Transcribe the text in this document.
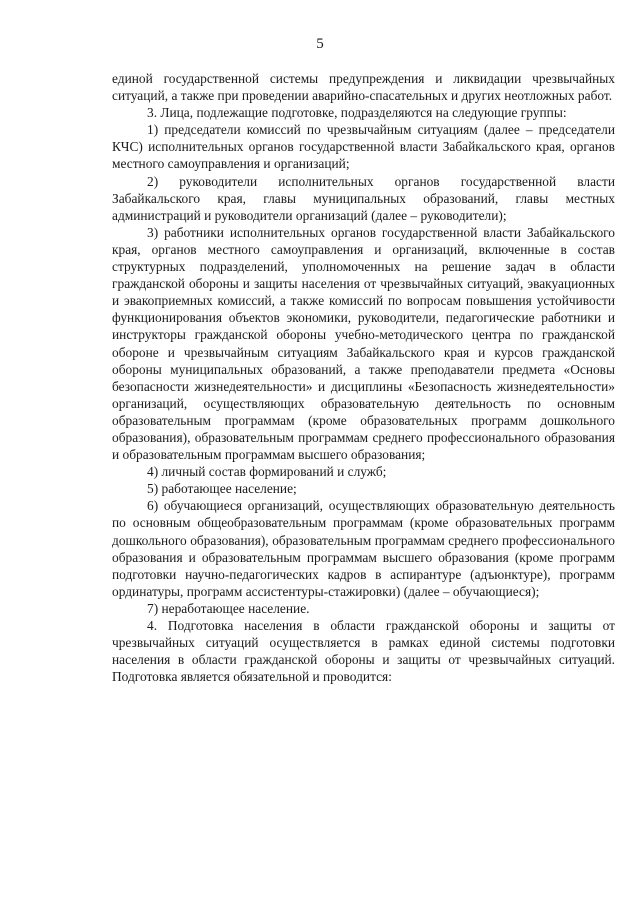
5

единой государственной системы предупреждения и ликвидации чрезвычайных ситуаций, а также при проведении аварийно-спасательных и других неотложных работ.

3. Лица, подлежащие подготовке, подразделяются на следующие группы:

1) председатели комиссий по чрезвычайным ситуациям (далее – председатели КЧС) исполнительных органов государственной власти Забайкальского края, органов местного самоуправления и организаций;

2) руководители исполнительных органов государственной власти Забайкальского края, главы муниципальных образований, главы местных администраций и руководители организаций (далее – руководители);

3) работники исполнительных органов государственной власти Забайкальского края, органов местного самоуправления и организаций, включенные в состав структурных подразделений, уполномоченных на решение задач в области гражданской обороны и защиты населения от чрезвычайных ситуаций, эвакуационных и эвакоприемных комиссий, а также комиссий по вопросам повышения устойчивости функционирования объектов экономики, руководители, педагогические работники и инструкторы гражданской обороны учебно-методического центра по гражданской обороне и чрезвычайным ситуациям Забайкальского края и курсов гражданской обороны муниципальных образований, а также преподаватели предмета «Основы безопасности жизнедеятельности» и дисциплины «Безопасность жизнедеятельности» организаций, осуществляющих образовательную деятельность по основным образовательным программам (кроме образовательных программ дошкольного образования), образовательным программам среднего профессионального образования и образовательным программам высшего образования;

4) личный состав формирований и служб;

5) работающее население;

6) обучающиеся организаций, осуществляющих образовательную деятельность по основным общеобразовательным программам (кроме образовательных программ дошкольного образования), образовательным программам среднего профессионального образования и образовательным программам высшего образования (кроме программ подготовки научно-педагогических кадров в аспирантуре (адъюнктуре), программ ординатуры, программ ассистентуры-стажировки) (далее – обучающиеся);

7) неработающее население.

4. Подготовка населения в области гражданской обороны и защиты от чрезвычайных ситуаций осуществляется в рамках единой системы подготовки населения в области гражданской обороны и защиты от чрезвычайных ситуаций. Подготовка является обязательной и проводится:
